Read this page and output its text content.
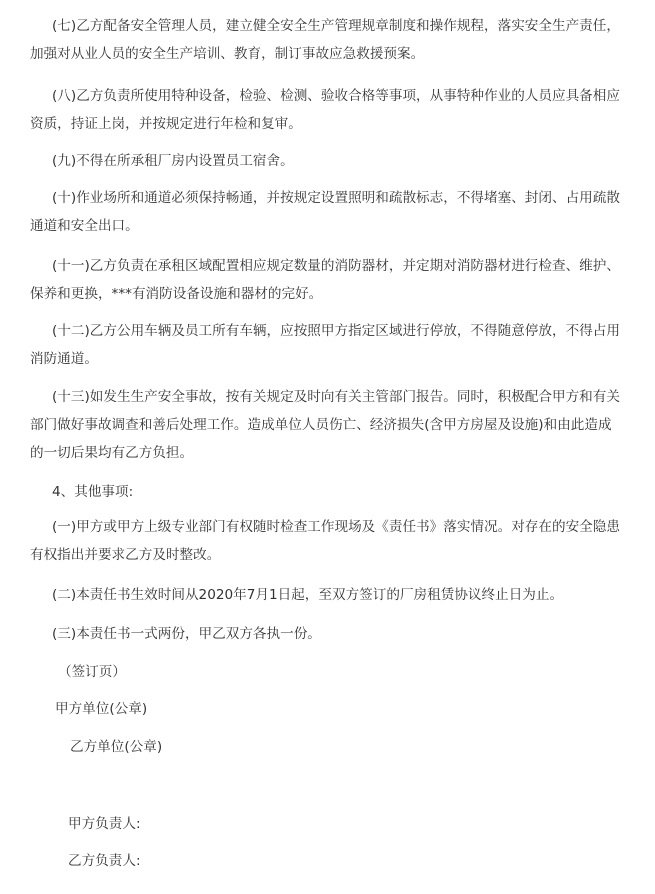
(七)乙方配备安全管理人员，建立健全安全生产管理规章制度和操作规程，落实安全生产责任，加强对从业人员的安全生产培训、教育，制订事故应急救援预案。

(八)乙方负责所使用特种设备，检验、检测、验收合格等事项，从事特种作业的人员应具备相应资质，持证上岗，并按规定进行年检和复审。

(九)不得在所承租厂房内设置员工宿舍。

(十)作业场所和通道必须保持畅通，并按规定设置照明和疏散标志，不得堵塞、封闭、占用疏散通道和安全出口。

(十一)乙方负责在承租区域配置相应规定数量的消防器材，并定期对消防器材进行检查、维护、保养和更换，***有消防设备设施和器材的完好。

(十二)乙方公用车辆及员工所有车辆，应按照甲方指定区域进行停放，不得随意停放，不得占用消防通道。

(十三)如发生生产安全事故，按有关规定及时向有关主管部门报告。同时，积极配合甲方和有关部门做好事故调查和善后处理工作。造成单位人员伤亡、经济损失(含甲方房屋及设施)和由此造成的一切后果均有乙方负担。

4、其他事项:

(一)甲方或甲方上级专业部门有权随时检查工作现场及《责任书》落实情况。对存在的安全隐患有权指出并要求乙方及时整改。

(二)本责任书生效时间从2020年7月1日起，至双方签订的厂房租赁协议终止日为止。

(三)本责任书一式两份，甲乙双方各执一份。

（签订页）
甲方单位(公章)
乙方单位(公章)
甲方负责人:
乙方负责人:
